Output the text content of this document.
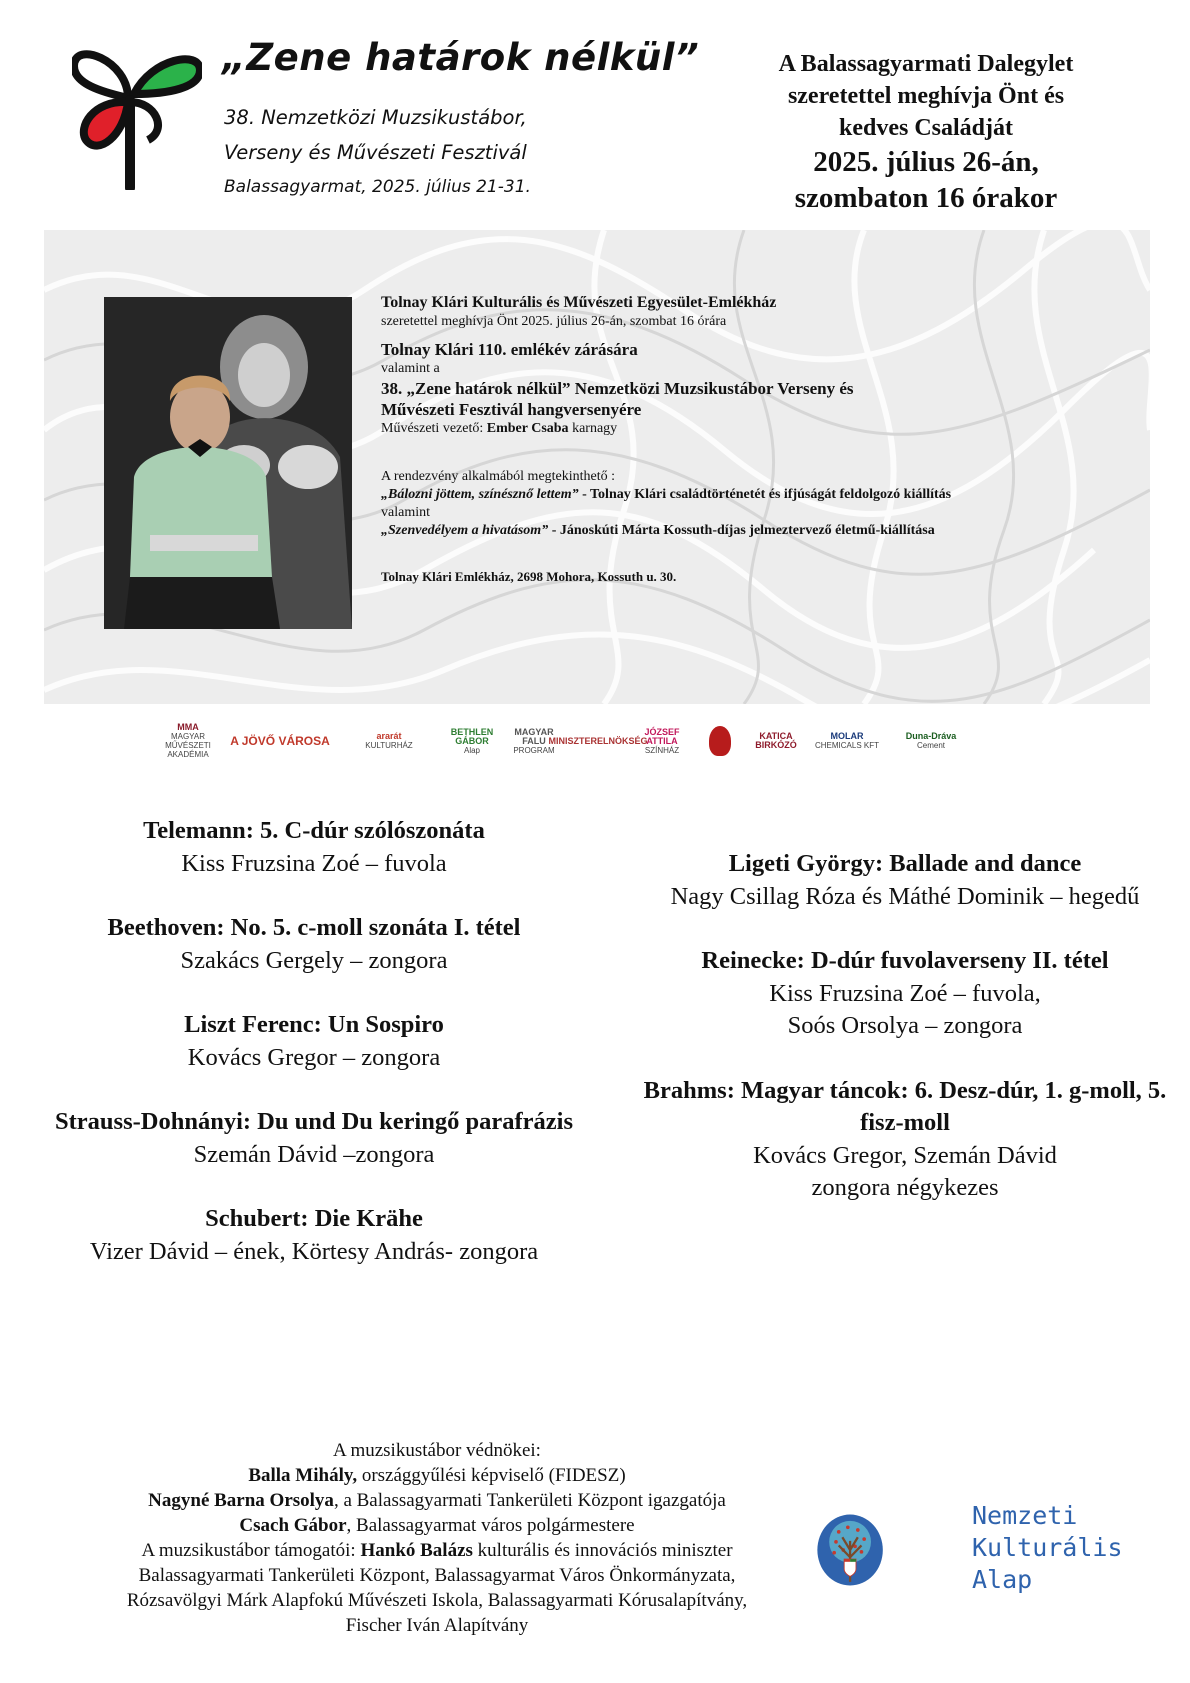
„Zene határok nélkül”
38. Nemzetközi Muzsikustábor,
Verseny és Művészeti Fesztivál
Balassagyarmat, 2025. július 21-31.
A Balassagyarmati Dalegylet
szeretettel meghívja Önt és
kedves Családját
2025. július 26-án,
szombaton 16 órakor

Tolnay Klári Kulturális és Művészeti Egyesület-Emlékház

szeretettel meghívja Önt 2025. július 26-án, szombat 16 órára

Tolnay Klári 110. emlékév zárására

valamint a

38. „Zene határok nélkül” Nemzetközi Muzsikustábor Verseny és

Művészeti Fesztivál hangversenyére

Művészeti vezető: Ember Csaba karnagy

A rendezvény alkalmából megtekinthető :

„Bálozni jöttem, színésznő lettem” - Tolnay Klári családtörténetét és ifjúságát feldolgozó kiállítás

valamint

„Szenvedélyem a hivatásom” - Jánoskúti Márta Kossuth-díjas jelmeztervező életmű-kiállítása

Tolnay Klári Emlékház, 2698 Mohora, Kossuth u. 30.

MMA
MAGYAR MŰVÉSZETI AKADÉMIA
A JÖVŐ VÁROSA	ararát
KULTURHÁZ
BETHLEN GÁBOR
Alap
MAGYAR FALU
PROGRAM
MINISZTERELNÖKSÉG
JÓZSEF ATTILA
SZÍNHÁZ
KATICA BIRKÓZÓ
MOLAR
CHEMICALS KFT
Duna-Dráva
Cement
Telemann: 5. C-dúr szólószonáta
Kiss Fruzsina Zoé – fuvola
Beethoven: No. 5. c-moll szonáta I. tétel
Szakács Gergely – zongora
Liszt Ferenc: Un Sospiro
Kovács Gregor – zongora
Strauss-Dohnányi: Du und Du keringő parafrázis
Szemán Dávid –zongora
Schubert: Die Krähe
Vizer Dávid – ének, Körtesy András- zongora
Ligeti György: Ballade and dance
Nagy Csillag Róza és Máthé Dominik – hegedű
Reinecke: D-dúr fuvolaverseny II. tétel
Kiss Fruzsina Zoé – fuvola,
Soós Orsolya – zongora
Brahms: Magyar táncok: 6. Desz-dúr, 1. g-moll, 5. fisz-moll
Kovács Gregor, Szemán Dávid
zongora négykezes
A muzsikustábor védnökei:
Balla Mihály, országgyűlési képviselő (FIDESZ)
Nagyné Barna Orsolya, a Balassagyarmati Tankerületi Központ igazgatója
Csach Gábor, Balassagyarmat város polgármestere
A muzsikustábor támogatói: Hankó Balázs kulturális és innovációs miniszter
Balassagyarmati Tankerületi Központ, Balassagyarmat Város Önkormányzata,
Rózsavölgyi Márk Alapfokú Művészeti Iskola, Balassagyarmati Kórusalapítvány,
Fischer Iván Alapítvány
Nemzeti
Kulturális
Alap
